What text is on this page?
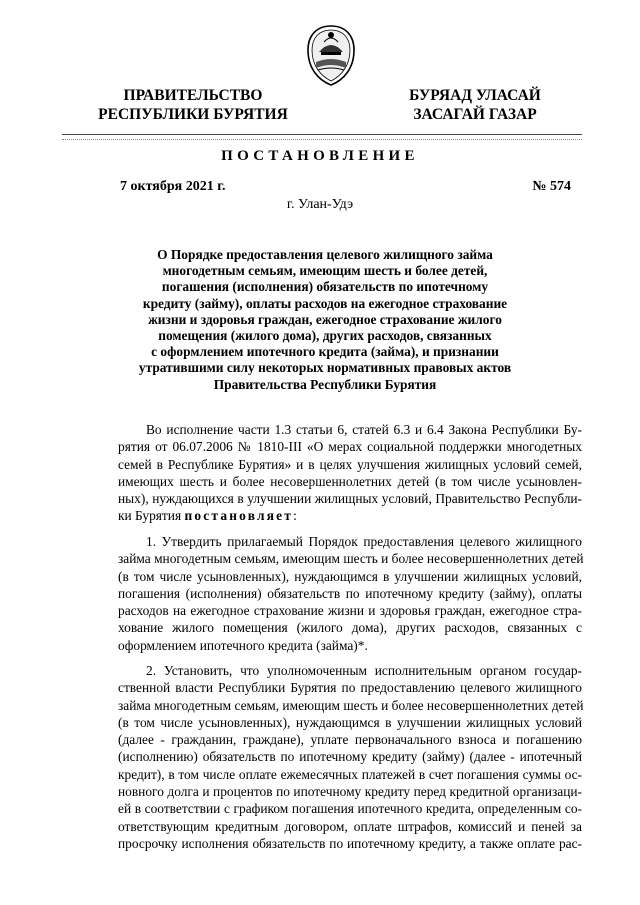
ПРАВИТЕЛЬСТВО
РЕСПУБЛИКИ БУРЯТИЯ
БУРЯАД УЛАСАЙ
ЗАСАГАЙ ГАЗАР
ПОСТАНОВЛЕНИЕ
7 октября 2021 г.	№ 574
г. Улан-Удэ
О Порядке предоставления целевого жилищного займа
многодетным семьям, имеющим шесть и более детей,
погашения (исполнения) обязательств по ипотечному
кредиту (займу), оплаты расходов на ежегодное страхование
жизни и здоровья граждан, ежегодное страхование жилого
помещения (жилого дома), других расходов, связанных
с оформлением ипотечного кредита (займа), и признании
утратившими силу некоторых нормативных правовых актов
Правительства Республики Бурятия
Во исполнение части 1.3 статьи 6, статей 6.3 и 6.4 Закона Республики Бу-
рятия от 06.07.2006 № 1810-III «О мерах социальной поддержки многодетных
семей в Республике Бурятия» и в целях улучшения жилищных условий семей,
имеющих шесть и более несовершеннолетних детей (в том числе усыновлен-
ных), нуждающихся в улучшении жилищных условий, Правительство Республи-
ки Бурятия постановляет:
1. Утвердить прилагаемый Порядок предоставления целевого жилищного
займа многодетным семьям, имеющим шесть и более несовершеннолетних детей
(в том числе усыновленных), нуждающимся в улучшении жилищных условий,
погашения (исполнения) обязательств по ипотечному кредиту (займу), оплаты
расходов на ежегодное страхование жизни и здоровья граждан, ежегодное стра-
хование жилого помещения (жилого дома), других расходов, связанных с
оформлением ипотечного кредита (займа)*.
2. Установить, что уполномоченным исполнительным органом государ-
ственной власти Республики Бурятия по предоставлению целевого жилищного
займа многодетным семьям, имеющим шесть и более несовершеннолетних детей
(в том числе усыновленных), нуждающимся в улучшении жилищных условий
(далее - гражданин, граждане), уплате первоначального взноса и погашению
(исполнению) обязательств по ипотечному кредиту (займу) (далее - ипотечный
кредит), в том числе оплате ежемесячных платежей в счет погашения суммы ос-
новного долга и процентов по ипотечному кредиту перед кредитной организаци-
ей в соответствии с графиком погашения ипотечного кредита, определенным со-
ответствующим кредитным договором, оплате штрафов, комиссий и пеней за
просрочку исполнения обязательств по ипотечному кредиту, а также оплате рас-
